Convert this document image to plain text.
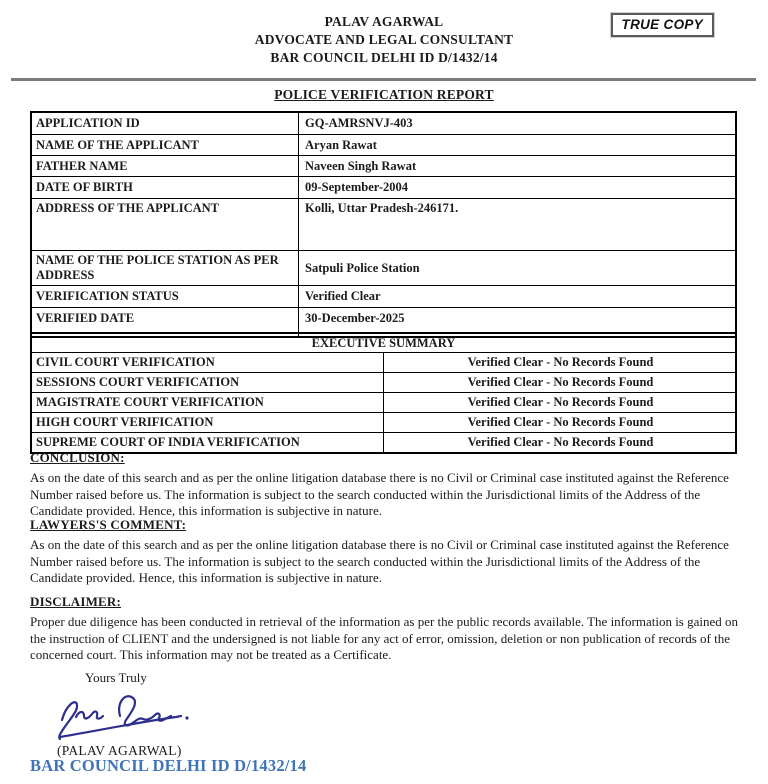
PALAV AGARWAL
ADVOCATE AND LEGAL CONSULTANT
BAR COUNCIL DELHI ID D/1432/14
TRUE COPY
POLICE VERIFICATION REPORT
APPLICATION ID	GQ-AMRSNVJ-403
NAME OF THE APPLICANT	Aryan Rawat
FATHER NAME	Naveen Singh Rawat
DATE OF BIRTH	09-September-2004
ADDRESS OF THE APPLICANT	Kolli, Uttar Pradesh-246171.
NAME OF THE POLICE STATION AS PER ADDRESS	Satpuli Police Station
VERIFICATION STATUS	Verified Clear
VERIFIED DATE	30-December-2025
EXECUTIVE SUMMARY	
CIVIL COURT VERIFICATION	Verified Clear - No Records Found
SESSIONS COURT VERIFICATION	Verified Clear - No Records Found
MAGISTRATE COURT VERIFICATION	Verified Clear - No Records Found
HIGH COURT VERIFICATION	Verified Clear - No Records Found
SUPREME COURT OF INDIA VERIFICATION	Verified Clear - No Records Found

CONCLUSION:

As on the date of this search and as per the online litigation database there is no Civil or Criminal case instituted against the Reference Number raised before us. The information is subject to the search conducted within the Jurisdictional limits of the Address of the Candidate provided. Hence, this information is subjective in nature.

LAWYERS'S COMMENT:

As on the date of this search and as per the online litigation database there is no Civil or Criminal case instituted against the Reference Number raised before us. The information is subject to the search conducted within the Jurisdictional limits of the Address of the Candidate provided. Hence, this information is subjective in nature.

DISCLAIMER:

Proper due diligence has been conducted in retrieval of the information as per the public records available. The information is gained on the instruction of CLIENT and the undersigned is not liable for any act of error, omission, deletion or non publication of records of the concerned court. This information may not be treated as a Certificate.

Yours Truly
(PALAV AGARWAL)
BAR COUNCIL DELHI ID D/1432/14
